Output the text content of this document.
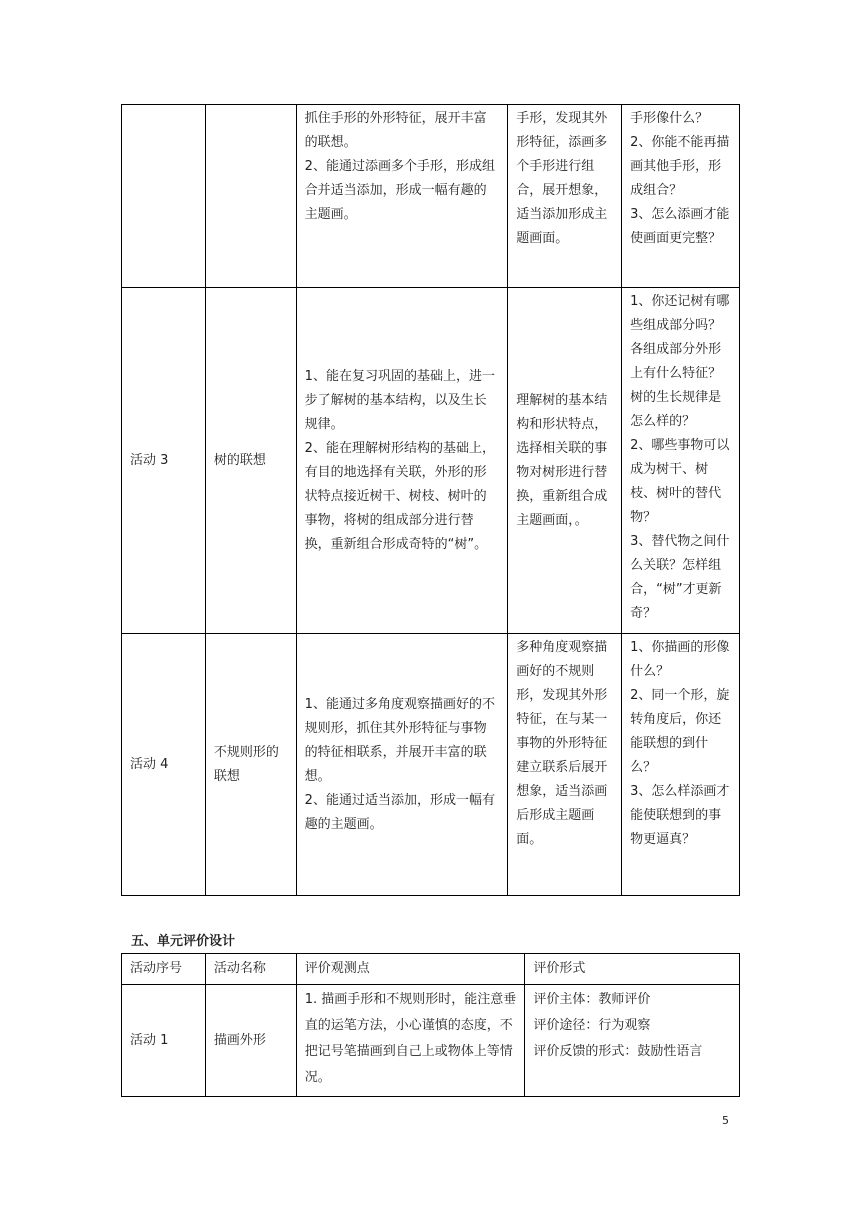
		抓住手形的外形特征，展开丰富的联想。
2、能通过添画多个手形，形成组合并适当添加，形成一幅有趣的主题画。	手形，发现其外形特征，添画多个手形进行组合，展开想象，适当添加形成主题画面。	手形像什么？
2、你能不能再描画其他手形，形成组合？
3、怎么添画才能使画面更完整？

活动 3	树的联想	1、能在复习巩固的基础上，进一步了解树的基本结构，以及生长规律。
2、能在理解树形结构的基础上，有目的地选择有关联，外形的形状特点接近树干、树枝、树叶的事物，将树的组成部分进行替换，重新组合形成奇特的“树”。	理解树的基本结构和形状特点，选择相关联的事物对树形进行替换，重新组合成主题画面，。	1、你还记树有哪些组成部分吗？各组成部分外形上有什么特征？树的生长规律是怎么样的？
2、哪些事物可以成为树干、树枝、树叶的替代物？
3、替代物之间什么关联？怎样组合，“树”才更新奇？

活动 4	不规则形的联想	1、能通过多角度观察描画好的不规则形，抓住其外形特征与事物的特征相联系，并展开丰富的联想。
2、能通过适当添加，形成一幅有趣的主题画。	多种角度观察描画好的不规则形，发现其外形特征，在与某一事物的外形特征建立联系后展开想象，适当添画后形成主题画面。	1、你描画的形像什么？
2、同一个形，旋转角度后，你还能联想的到什么？
3、怎么样添画才能使联想到的事物更逼真？

五、单元评价设计

活动序号	活动名称	评价观测点	评价形式
活动 1	描画外形	1. 描画手形和不规则形时，能注意垂直的运笔方法，小心谨慎的态度，不把记号笔描画到自己上或物体上等情况。	评价主体：教师评价
评价途径：行为观察
评价反馈的形式：鼓励性语言
5
